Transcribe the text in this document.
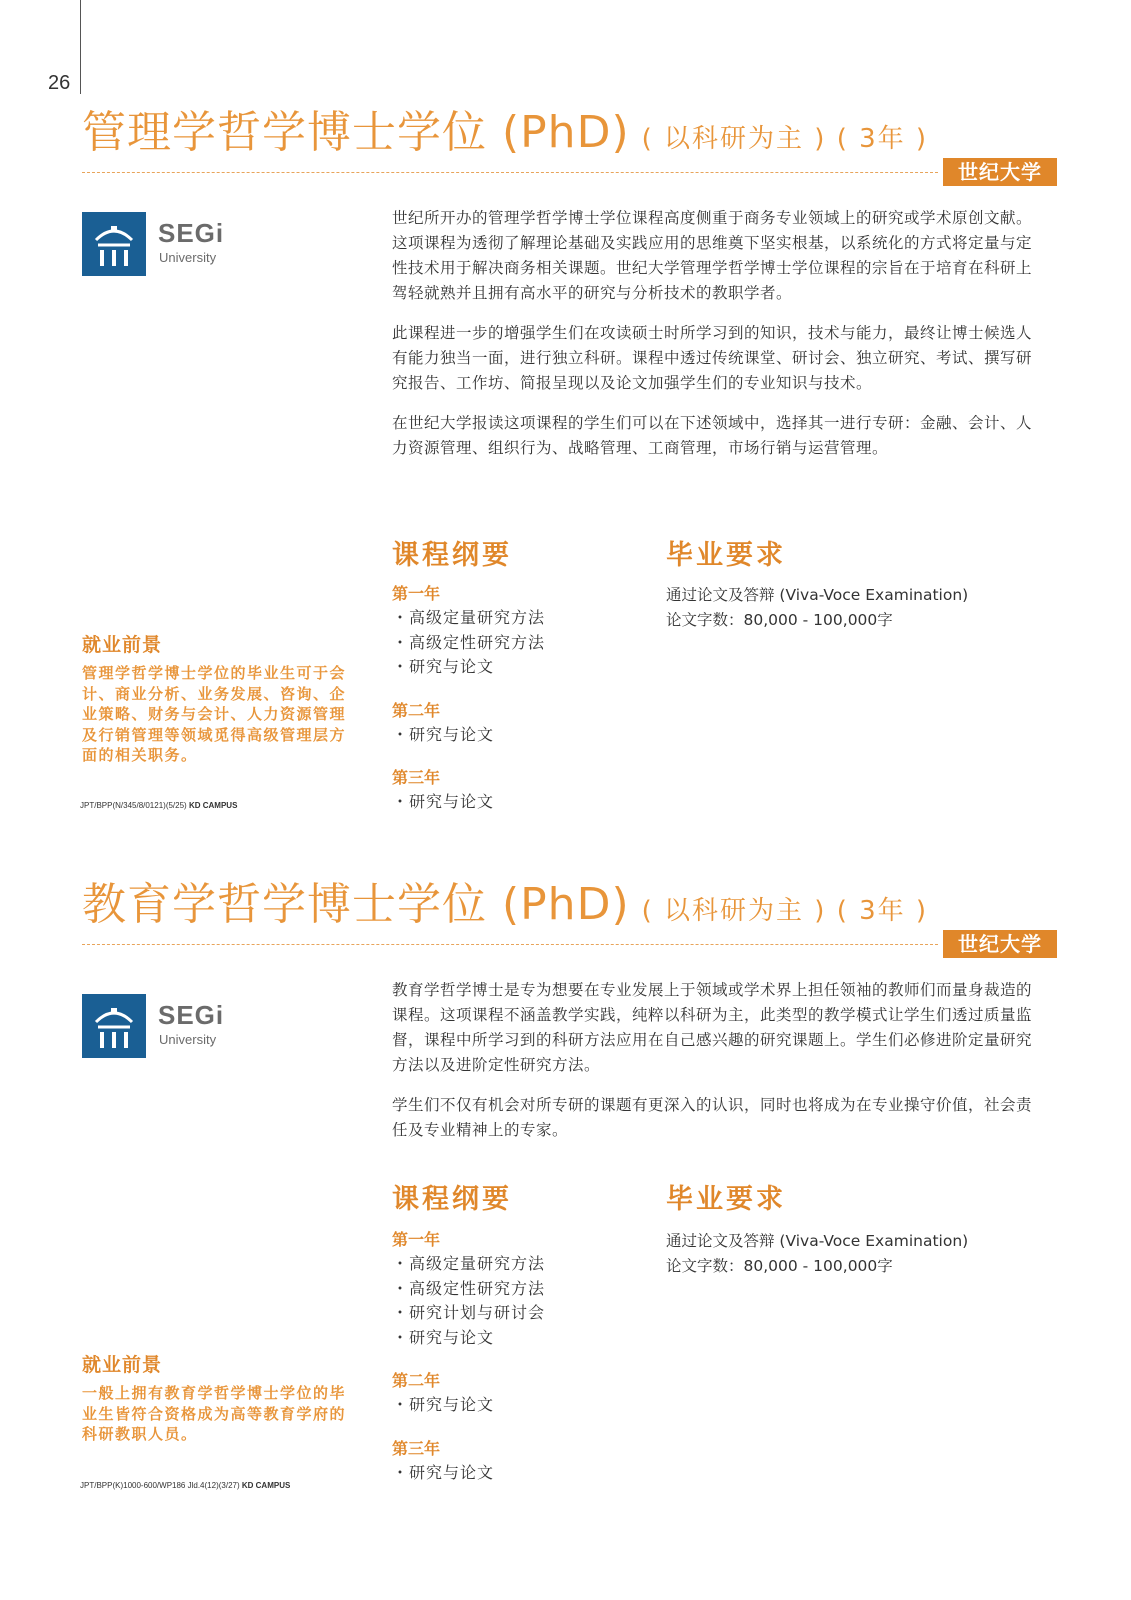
26
管理学哲学博士学位 (PhD) ( 以科研为主 ) ( 3年 )
世纪大学
SEGi
University

世纪所开办的管理学哲学博士学位课程高度侧重于商务专业领域上的研究或学术原创文献。这项课程为透彻了解理论基础及实践应用的思维奠下坚实根基，以系统化的方式将定量与定性技术用于解决商务相关课题。世纪大学管理学哲学博士学位课程的宗旨在于培育在科研上驾轻就熟并且拥有高水平的研究与分析技术的教职学者。

此课程进一步的增强学生们在攻读硕士时所学习到的知识，技术与能力，最终让博士候选人有能力独当一面，进行独立科研。课程中透过传统课堂、研讨会、独立研究、考试、撰写研究报告、工作坊、简报呈现以及论文加强学生们的专业知识与技术。

在世纪大学报读这项课程的学生们可以在下述领域中，选择其一进行专研：金融、会计、人力资源管理、组织行为、战略管理、工商管理，市场行销与运营管理。

课程纲要	毕业要求
第一年
・高级定量研究方法
・高级定性研究方法
・研究与论文
第二年
・研究与论文
第三年
・研究与论文
通过论文及答辩 (Viva-Voce Examination)
论文字数：80,000 - 100,000字
就业前景
管理学哲学博士学位的毕业生可于会计、商业分析、业务发展、咨询、企业策略、财务与会计、人力资源管理及行销管理等领域觅得高级管理层方面的相关职务。
JPT/BPP(N/345/8/0121)(5/25) KD CAMPUS
教育学哲学博士学位 (PhD) ( 以科研为主 ) ( 3年 )
世纪大学
SEGi
University

教育学哲学博士是专为想要在专业发展上于领域或学术界上担任领袖的教师们而量身裁造的课程。这项课程不涵盖教学实践，纯粹以科研为主，此类型的教学模式让学生们透过质量监督，课程中所学习到的科研方法应用在自己感兴趣的研究课题上。学生们必修进阶定量研究方法以及进阶定性研究方法。

学生们不仅有机会对所专研的课题有更深入的认识，同时也将成为在专业操守价值，社会责任及专业精神上的专家。

课程纲要	毕业要求
第一年
・高级定量研究方法
・高级定性研究方法
・研究计划与研讨会
・研究与论文
第二年
・研究与论文
第三年
・研究与论文
通过论文及答辩 (Viva-Voce Examination)
论文字数：80,000 - 100,000字
就业前景
一般上拥有教育学哲学博士学位的毕业生皆符合资格成为高等教育学府的科研教职人员。
JPT/BPP(K)1000-600/WP186 Jld.4(12)(3/27) KD CAMPUS
